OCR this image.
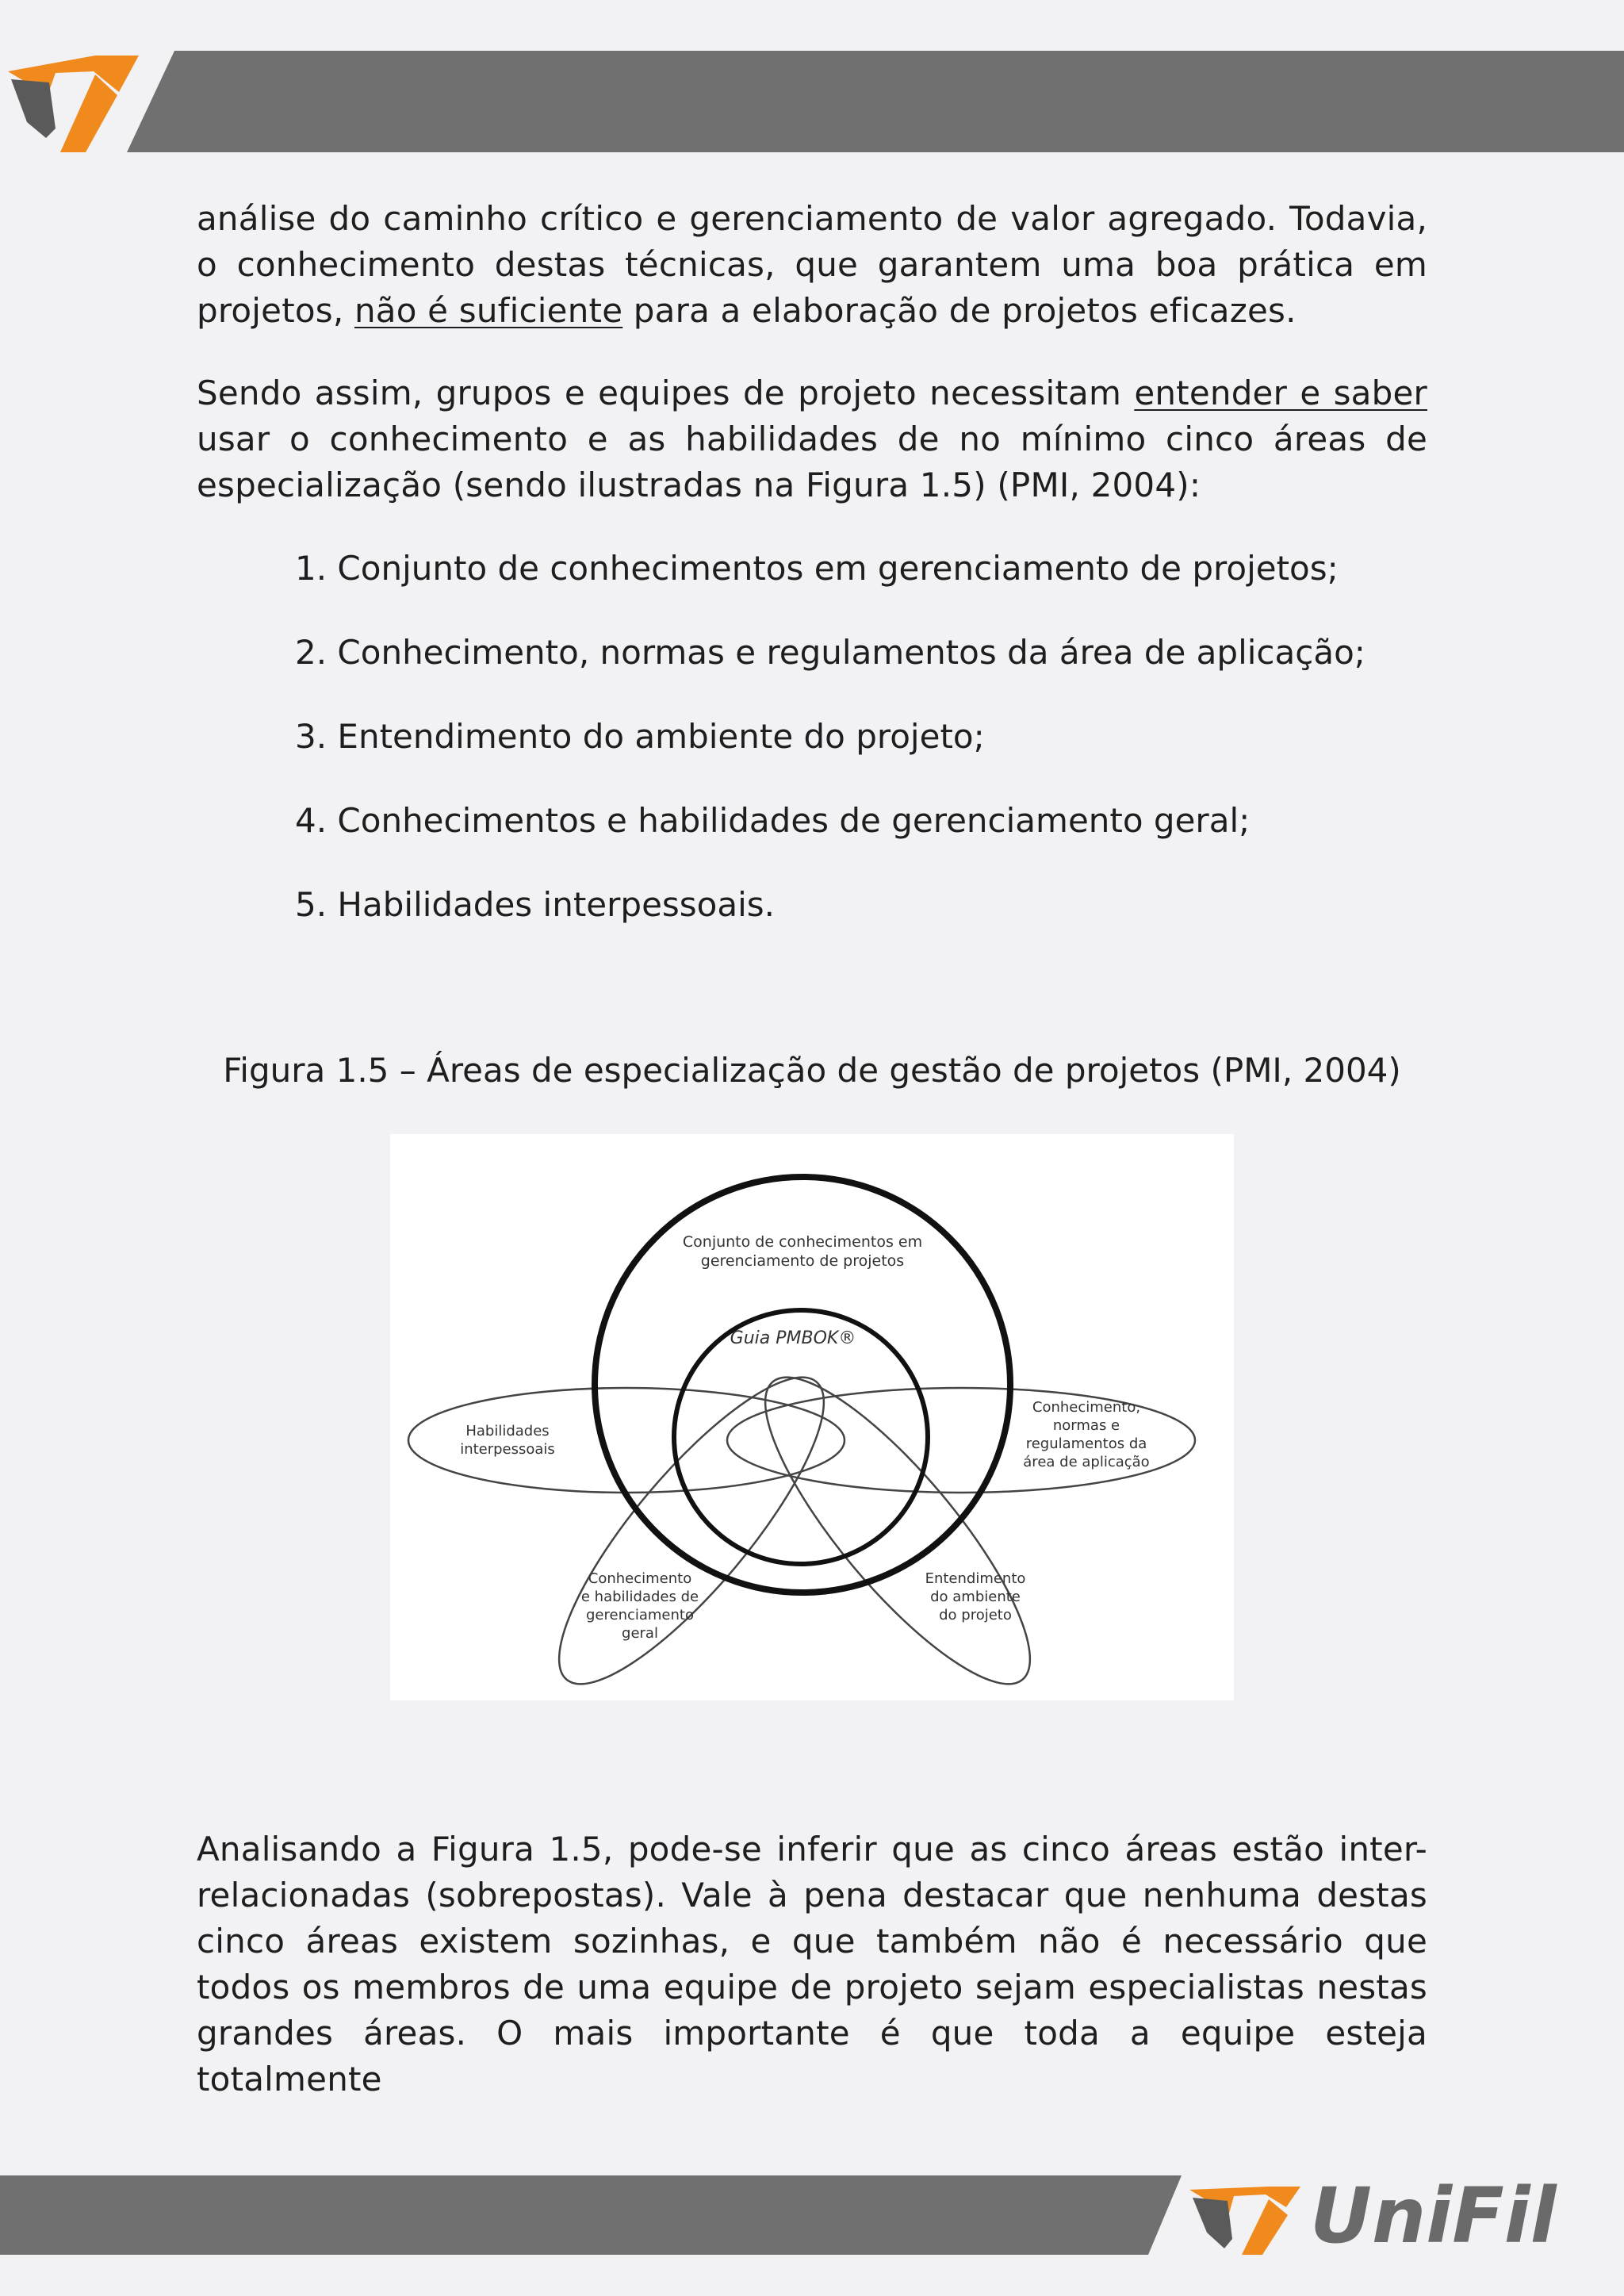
análise do caminho crítico e gerenciamento de valor agregado. Todavia, o conhecimento destas técnicas, que garantem uma boa prática em projetos, não é suficiente para a elaboração de projetos eficazes.
Sendo assim, grupos e equipes de projeto necessitam entender e saber usar o conhecimento e as habilidades de no mínimo cinco áreas de especialização (sendo ilustradas na Figura 1.5) (PMI, 2004):
1. Conjunto de conhecimentos em gerenciamento de projetos;
2. Conhecimento, normas e regulamentos da área de aplicação;
3. Entendimento do ambiente do projeto;
4. Conhecimentos e habilidades de gerenciamento geral;
5. Habilidades interpessoais.
Figura 1.5 – Áreas de especialização de gestão de projetos (PMI, 2004)
Conjunto de conhecimentos em
gerenciamento de projetos
Guia PMBOK®
Habilidades
interpessoais
Conhecimento,
normas e
regulamentos da
área de aplicação
Conhecimento
e habilidades de
gerenciamento
geral
Entendimento
do ambiente
do projeto
Analisando a Figura 1.5, pode-se inferir que as cinco áreas estão inter-relacionadas (sobrepostas). Vale à pena destacar que nenhuma destas cinco áreas existem sozinhas, e que também não é necessário que todos os membros de uma equipe de projeto sejam especialistas nestas grandes áreas. O mais importante é que toda a equipe esteja totalmente
UniFil
